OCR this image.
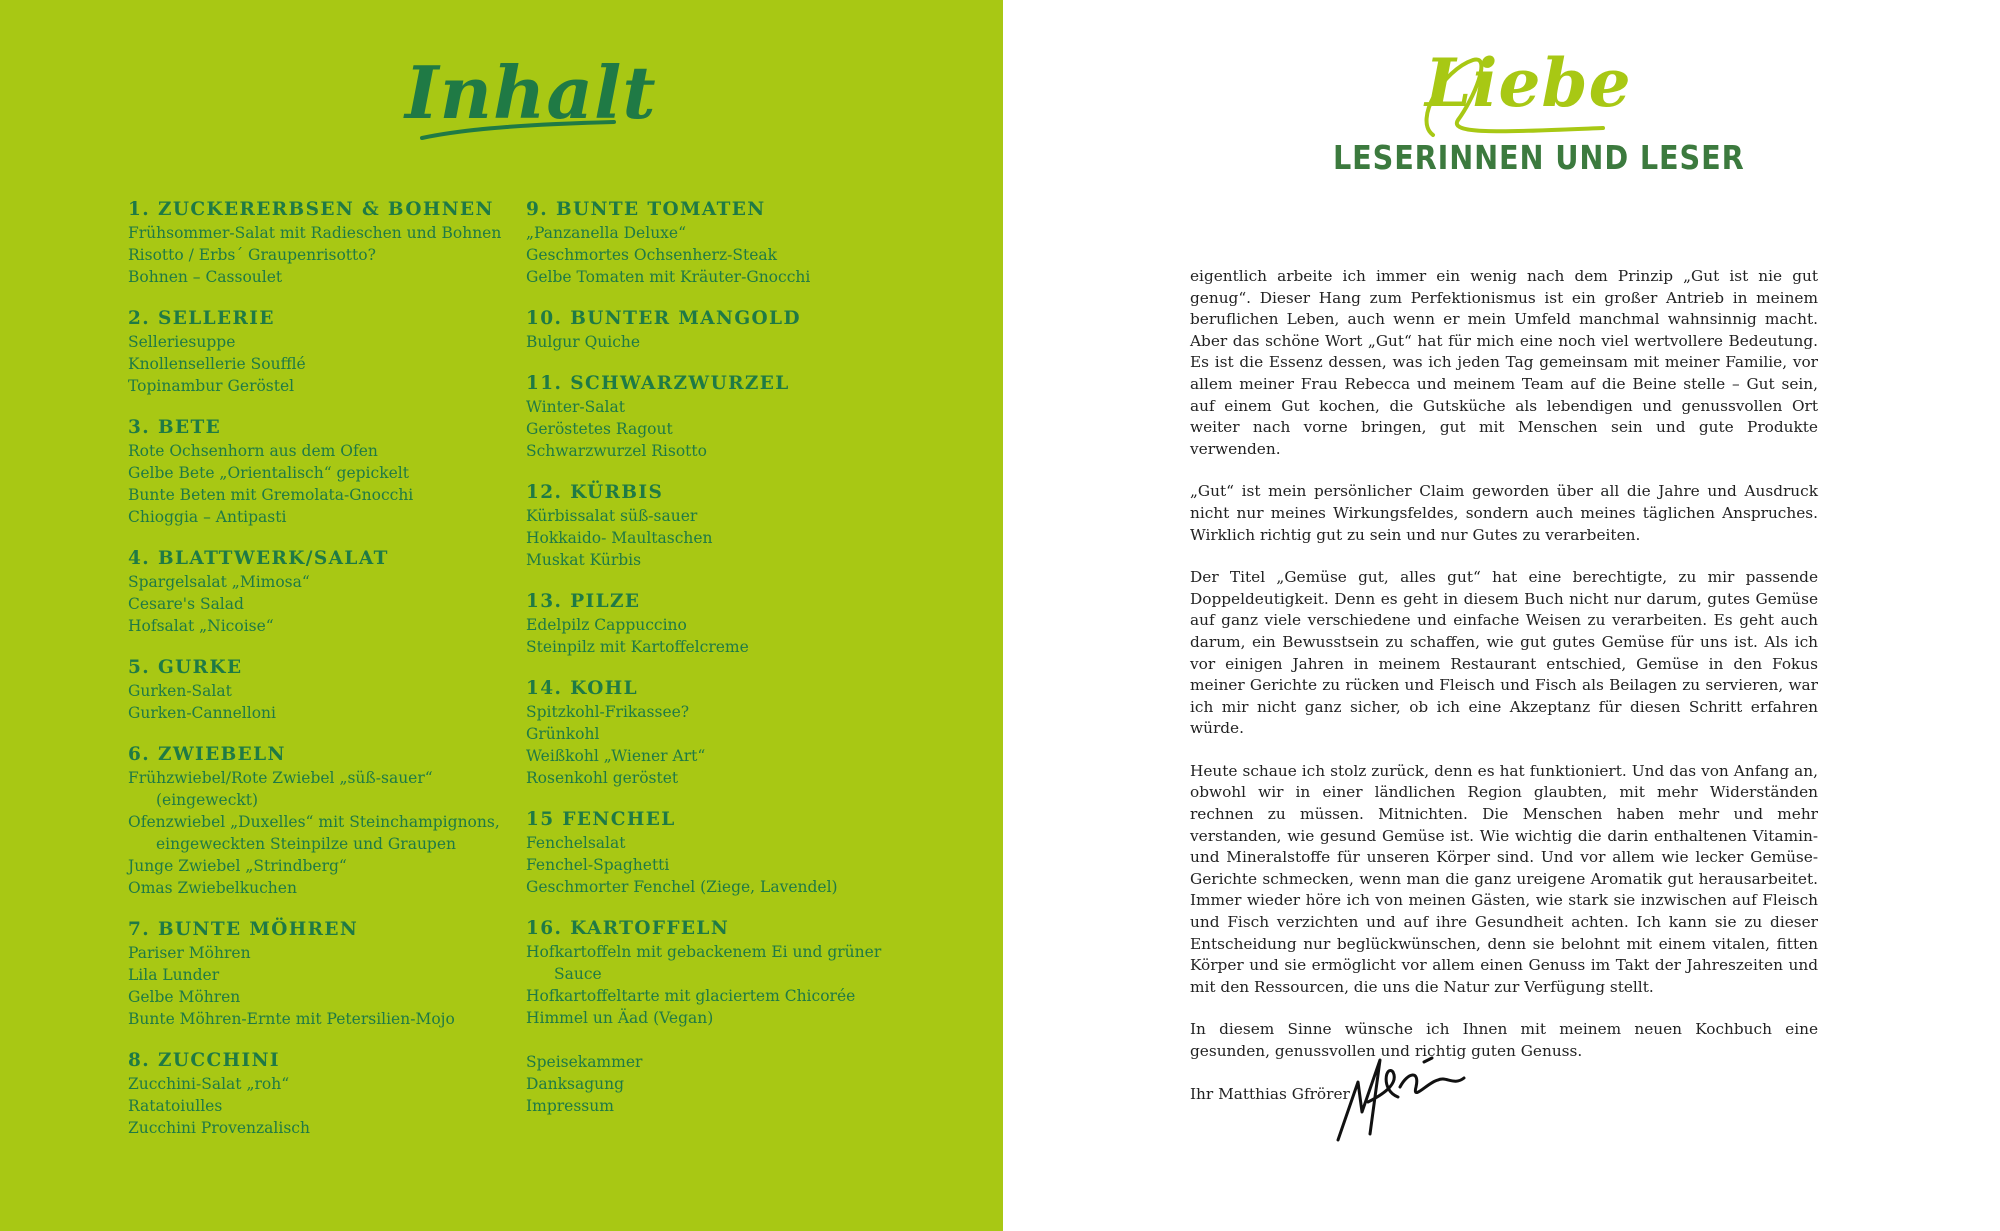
Inhalt
1. ZUCKERERBSEN & BOHNEN

Frühsommer-Salat mit Radieschen und Bohnen

Risotto / Erbs´ Graupenrisotto?

Bohnen – Cassoulet

2. SELLERIE

Selleriesuppe

Knollensellerie Soufflé

Topinambur Geröstel

3. BETE

Rote Ochsenhorn aus dem Ofen

Gelbe Bete „Orientalisch“ gepickelt

Bunte Beten mit Gremolata-Gnocchi

Chioggia – Antipasti

4. BLATTWERK/SALAT

Spargelsalat „Mimosa“

Cesare's Salad

Hofsalat „Nicoise“

5. GURKE

Gurken-Salat

Gurken-Cannelloni

6. ZWIEBELN

Frühzwiebel/Rote Zwiebel „süß-sauer“ (eingeweckt)

Ofenzwiebel „Duxelles“ mit Steinchampignons, eingeweckten Steinpilze und Graupen

Junge Zwiebel „Strindberg“

Omas Zwiebelkuchen

7. BUNTE MÖHREN

Pariser Möhren

Lila Lunder

Gelbe Möhren

Bunte Möhren-Ernte mit Petersilien-Mojo

8. ZUCCHINI

Zucchini-Salat „roh“

Ratatoiulles

Zucchini Provenzalisch

9. BUNTE TOMATEN

„Panzanella Deluxe“

Geschmortes Ochsenherz-Steak

Gelbe Tomaten mit Kräuter-Gnocchi

10. BUNTER MANGOLD

Bulgur Quiche

11. SCHWARZWURZEL

Winter-Salat

Geröstetes Ragout

Schwarzwurzel Risotto

12. KÜRBIS

Kürbissalat süß-sauer

Hokkaido- Maultaschen

Muskat Kürbis

13. PILZE

Edelpilz Cappuccino

Steinpilz mit Kartoffelcreme

14. KOHL

Spitzkohl-Frikassee?

Grünkohl

Weißkohl „Wiener Art“

Rosenkohl geröstet

15 FENCHEL

Fenchelsalat

Fenchel-Spaghetti

Geschmorter Fenchel (Ziege, Lavendel)

16. KARTOFFELN

Hofkartoffeln mit gebackenem Ei und grüner Sauce

Hofkartoffeltarte mit glaciertem Chicorée

Himmel un Äad (Vegan)

Speisekammer

Danksagung

Impressum

Liebe
LESERINNEN UND LESER

eigentlich arbeite ich immer ein wenig nach dem Prinzip „Gut ist nie gut genug“. Dieser Hang zum Perfektionismus ist ein großer Antrieb in meinem beruflichen Leben, auch wenn er mein Umfeld manchmal wahnsinnig macht. Aber das schöne Wort „Gut“ hat für mich eine noch viel wertvollere Bedeutung. Es ist die Essenz dessen, was ich jeden Tag gemeinsam mit meiner Familie, vor allem meiner Frau Rebecca und meinem Team auf die Beine stelle – Gut sein, auf einem Gut kochen, die Gutsküche als lebendigen und genussvollen Ort weiter nach vorne bringen, gut mit Menschen sein und gute Produkte verwenden.

„Gut“ ist mein persönlicher Claim geworden über all die Jahre und Ausdruck nicht nur meines Wirkungsfeldes, sondern auch meines täglichen Anspruches. Wirklich richtig gut zu sein und nur Gutes zu verarbeiten.

Der Titel „Gemüse gut, alles gut“ hat eine berechtigte, zu mir passende Doppeldeutigkeit. Denn es geht in diesem Buch nicht nur darum, gutes Gemüse auf ganz viele verschiedene und einfache Weisen zu verarbeiten. Es geht auch darum, ein Bewusstsein zu schaffen, wie gut gutes Gemüse für uns ist. Als ich vor einigen Jahren in meinem Restaurant entschied, Gemüse in den Fokus meiner Gerichte zu rücken und Fleisch und Fisch als Beilagen zu servieren, war ich mir nicht ganz sicher, ob ich eine Akzeptanz für diesen Schritt erfahren würde.

Heute schaue ich stolz zurück, denn es hat funktioniert. Und das von Anfang an, obwohl wir in einer ländlichen Region glaubten, mit mehr Widerständen rechnen zu müssen. Mitnichten. Die Menschen haben mehr und mehr verstanden, wie gesund Gemüse ist. Wie wichtig die darin enthaltenen Vitamin- und Mineralstoffe für unseren Körper sind. Und vor allem wie lecker Gemüse-Gerichte schmecken, wenn man die ganz ureigene Aromatik gut herausarbeitet. Immer wieder höre ich von meinen Gästen, wie stark sie inzwischen auf Fleisch und Fisch verzichten und auf ihre Gesundheit achten. Ich kann sie zu dieser Entscheidung nur beglückwünschen, denn sie belohnt mit einem vitalen, fitten Körper und sie ermöglicht vor allem einen Genuss im Takt der Jahreszeiten und mit den Ressourcen, die uns die Natur zur Verfügung stellt.

In diesem Sinne wünsche ich Ihnen mit meinem neuen Kochbuch eine gesunden, genussvollen und richtig guten Genuss.

Ihr Matthias Gfrörer
